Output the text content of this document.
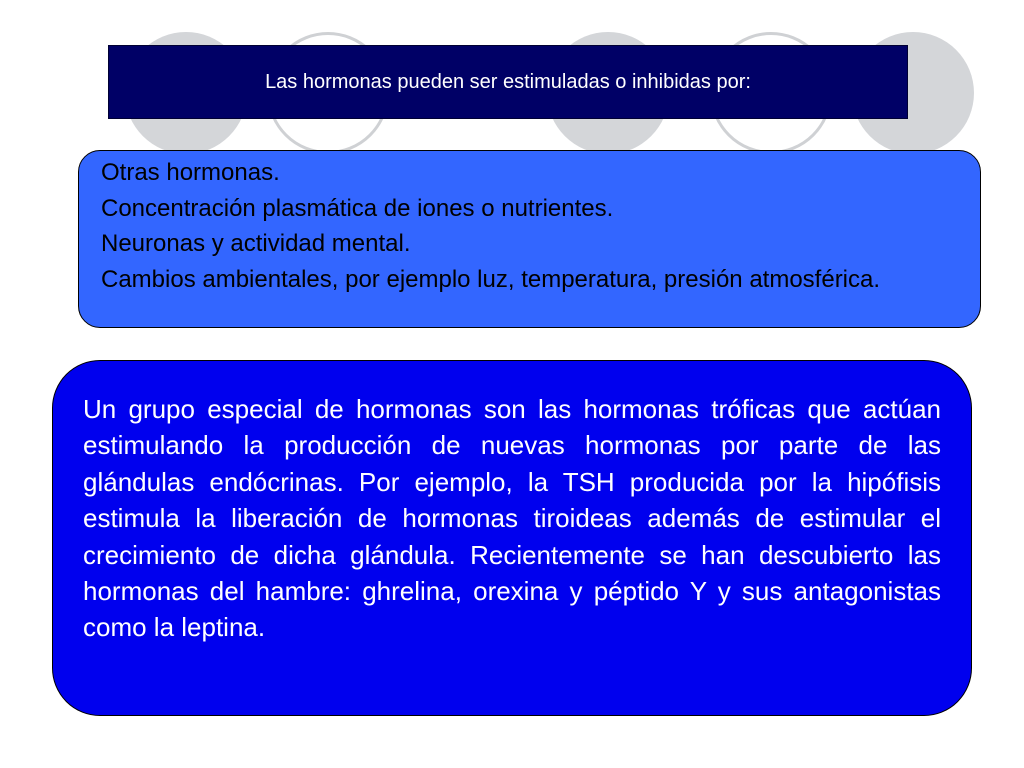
Las hormonas pueden ser estimuladas o inhibidas por:
Otras hormonas.
Concentración plasmática de iones o nutrientes.
Neuronas y actividad mental.
Cambios ambientales, por ejemplo luz, temperatura, presión atmosférica.
Un grupo especial de hormonas son las hormonas tróficas que actúan estimulando la producción de nuevas hormonas por parte de las glándulas endócrinas. Por ejemplo, la TSH producida por la hipófisis estimula la liberación de hormonas tiroideas además de estimular el crecimiento de dicha glándula. Recientemente se han descubierto las hormonas del hambre: ghrelina, orexina y péptido Y y sus antagonistas como la leptina.
